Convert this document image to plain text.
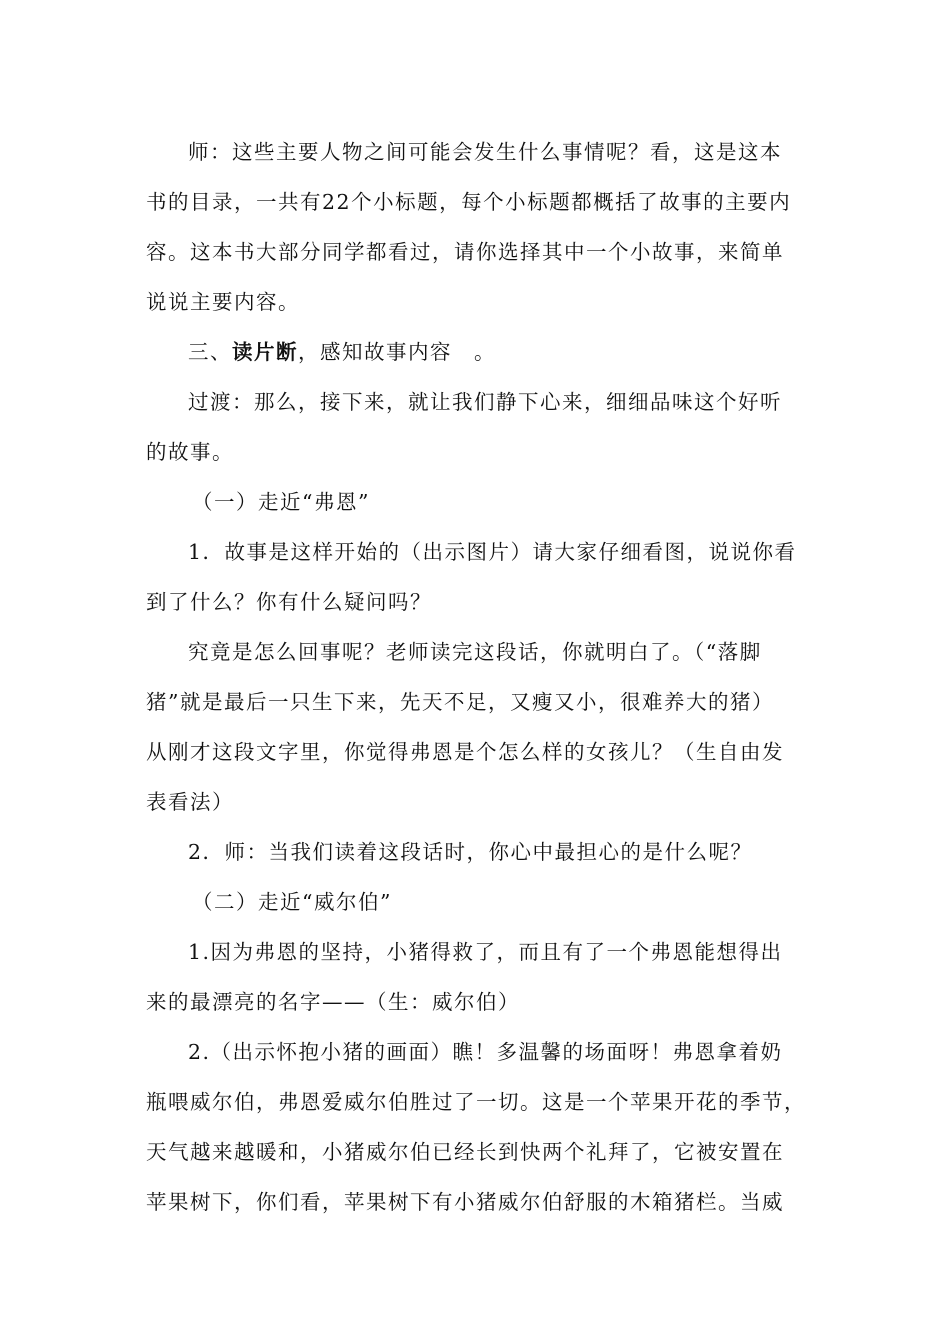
师：这些主要人物之间可能会发生什么事情呢？看，这是这本
书的目录，一共有22个小标题，每个小标题都概括了故事的主要内
容。这本书大部分同学都看过，请你选择其中一个小故事，来简单
说说主要内容。
三、读片断，感知故事内容　。
过渡：那么，接下来，就让我们静下心来，细细品味这个好听
的故事。
（一）走近“弗恩”
1．故事是这样开始的（出示图片）请大家仔细看图，说说你看
到了什么？你有什么疑问吗？
究竟是怎么回事呢？老师读完这段话，你就明白了。（“落脚
猪”就是最后一只生下来，先天不足，又瘦又小，很难养大的猪）
从刚才这段文字里，你觉得弗恩是个怎么样的女孩儿？（生自由发
表看法）
2．师：当我们读着这段话时，你心中最担心的是什么呢？
（二）走近“威尔伯”
1.因为弗恩的坚持，小猪得救了，而且有了一个弗恩能想得出
来的最漂亮的名字——（生：威尔伯）
2.（出示怀抱小猪的画面）瞧！多温馨的场面呀！弗恩拿着奶
瓶喂威尔伯，弗恩爱威尔伯胜过了一切。这是一个苹果开花的季节，
天气越来越暖和，小猪威尔伯已经长到快两个礼拜了，它被安置在
苹果树下，你们看，苹果树下有小猪威尔伯舒服的木箱猪栏。当威
